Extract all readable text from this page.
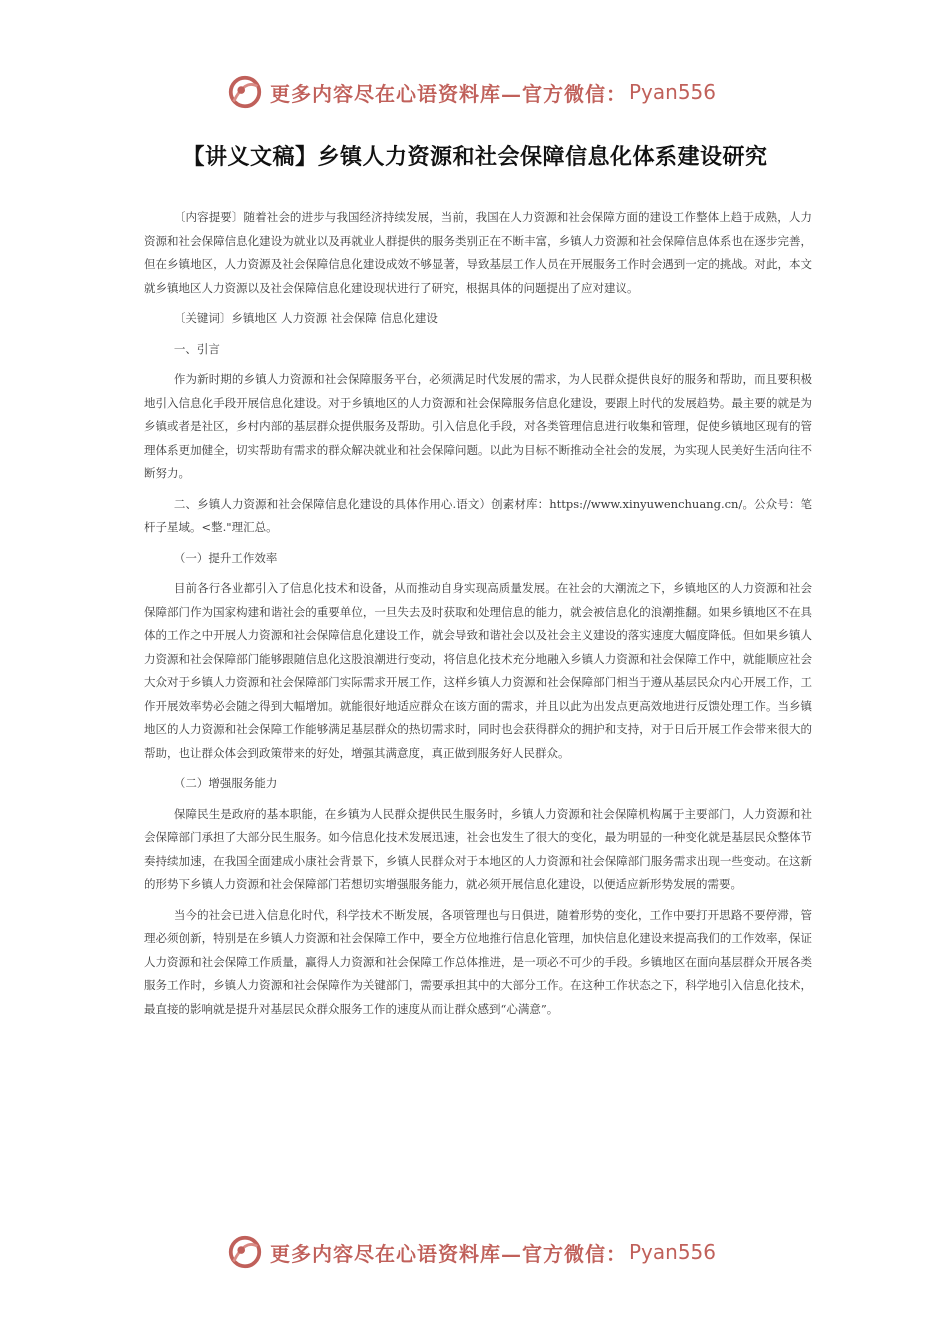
更多内容尽在心语资料库—官方微信： Pyan556
【讲义文稿】乡镇人力资源和社会保障信息化体系建设研究

〔内容提要〕随着社会的进步与我国经济持续发展，当前，我国在人力资源和社会保障方面的建设工作整体上趋于成熟，人力资源和社会保障信息化建设为就业以及再就业人群提供的服务类别正在不断丰富，乡镇人力资源和社会保障信息体系也在逐步完善，但在乡镇地区，人力资源及社会保障信息化建设成效不够显著，导致基层工作人员在开展服务工作时会遇到一定的挑战。对此，本文就乡镇地区人力资源以及社会保障信息化建设现状进行了研究，根据具体的问题提出了应对建议。

〔关键词〕乡镇地区 人力资源 社会保障 信息化建设

一、引言

作为新时期的乡镇人力资源和社会保障服务平台，必须满足时代发展的需求，为人民群众提供良好的服务和帮助，而且要积极地引入信息化手段开展信息化建设。对于乡镇地区的人力资源和社会保障服务信息化建设，要跟上时代的发展趋势。最主要的就是为乡镇或者是社区，乡村内部的基层群众提供服务及帮助。引入信息化手段，对各类管理信息进行收集和管理，促使乡镇地区现有的管理体系更加健全，切实帮助有需求的群众解决就业和社会保障问题。以此为目标不断推动全社会的发展，为实现人民美好生活向往不断努力。

二、乡镇人力资源和社会保障信息化建设的具体作用心.语文）创素材库：https://www.xinyuwenchuang.cn/。公众号：笔杆子星域。<整."理汇总。

（一）提升工作效率

目前各行各业都引入了信息化技术和设备，从而推动自身实现高质量发展。在社会的大潮流之下，乡镇地区的人力资源和社会保障部门作为国家构建和谐社会的重要单位，一旦失去及时获取和处理信息的能力，就会被信息化的浪潮推翻。如果乡镇地区不在具体的工作之中开展人力资源和社会保障信息化建设工作，就会导致和谐社会以及社会主义建设的落实速度大幅度降低。但如果乡镇人力资源和社会保障部门能够跟随信息化这股浪潮进行变动，将信息化技术充分地融入乡镇人力资源和社会保障工作中，就能顺应社会大众对于乡镇人力资源和社会保障部门实际需求开展工作，这样乡镇人力资源和社会保障部门相当于遵从基层民众内心开展工作，工作开展效率势必会随之得到大幅增加。就能很好地适应群众在该方面的需求，并且以此为出发点更高效地进行反馈处理工作。当乡镇地区的人力资源和社会保障工作能够满足基层群众的热切需求时，同时也会获得群众的拥护和支持，对于日后开展工作会带来很大的帮助，也让群众体会到政策带来的好处，增强其满意度，真正做到服务好人民群众。

（二）增强服务能力

保障民生是政府的基本职能，在乡镇为人民群众提供民生服务时，乡镇人力资源和社会保障机构属于主要部门，人力资源和社会保障部门承担了大部分民生服务。如今信息化技术发展迅速，社会也发生了很大的变化，最为明显的一种变化就是基层民众整体节奏持续加速，在我国全面建成小康社会背景下，乡镇人民群众对于本地区的人力资源和社会保障部门服务需求出现一些变动。在这新的形势下乡镇人力资源和社会保障部门若想切实增强服务能力，就必须开展信息化建设，以便适应新形势发展的需要。

当今的社会已进入信息化时代，科学技术不断发展，各项管理也与日俱进，随着形势的变化，工作中要打开思路不要停滞，管理必须创新，特别是在乡镇人力资源和社会保障工作中，要全方位地推行信息化管理，加快信息化建设来提高我们的工作效率，保证人力资源和社会保障工作质量，赢得人力资源和社会保障工作总体推进，是一项必不可少的手段。乡镇地区在面向基层群众开展各类服务工作时，乡镇人力资源和社会保障作为关键部门，需要承担其中的大部分工作。在这种工作状态之下，科学地引入信息化技术，最直接的影响就是提升对基层民众群众服务工作的速度从而让群众感到“心满意”。

更多内容尽在心语资料库—官方微信： Pyan556
